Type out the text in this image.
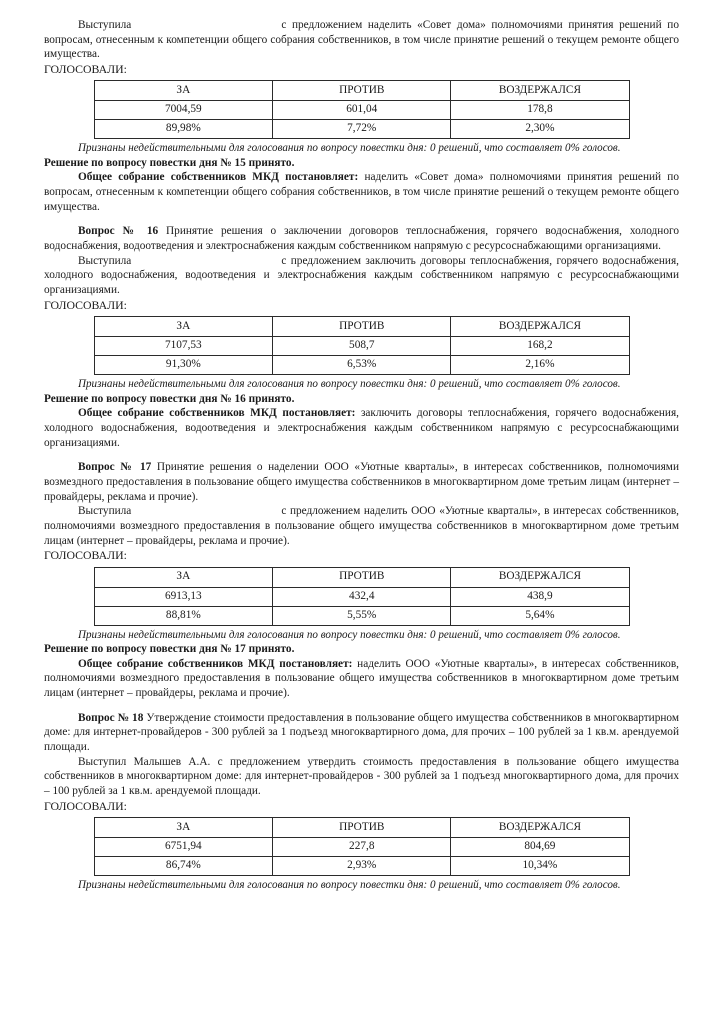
Выступила	с предложением наделить «Совет дома» полномочиями принятия решений по вопросам, отнесенным к компетенции общего собрания собственников, в том числе принятие решений о текущем ремонте общего имущества.

ГОЛОСОВАЛИ:

ЗА	ПРОТИВ	ВОЗДЕРЖАЛСЯ
7004,59	601,04	178,8
89,98%	7,72%	2,30%

Признаны недействительными для голосования по вопросу повестки дня: 0 решений, что составляет 0% голосов.

Решение по вопросу повестки дня № 15 принято.

Общее собрание собственников МКД постановляет: наделить «Совет дома» полномочиями принятия решений по вопросам, отнесенным к компетенции общего собрания собственников, в том числе принятие решений о текущем ремонте общего имущества.

Вопрос № 16 Принятие решения о заключении договоров теплоснабжения, горячего водоснабжения, холодного водоснабжения, водоотведения и электроснабжения каждым собственником напрямую с ресурсоснабжающими организациями.

Выступила	с предложением заключить договоры теплоснабжения, горячего водоснабжения, холодного водоснабжения, водоотведения и электроснабжения каждым собственником напрямую с ресурсоснабжающими организациями.

ГОЛОСОВАЛИ:

ЗА	ПРОТИВ	ВОЗДЕРЖАЛСЯ
7107,53	508,7	168,2
91,30%	6,53%	2,16%

Признаны недействительными для голосования по вопросу повестки дня: 0 решений, что составляет 0% голосов.

Решение по вопросу повестки дня № 16 принято.

Общее собрание собственников МКД постановляет: заключить договоры теплоснабжения, горячего водоснабжения, холодного водоснабжения, водоотведения и электроснабжения каждым собственником напрямую с ресурсоснабжающими организациями.

Вопрос № 17 Принятие решения о наделении ООО «Уютные кварталы», в интересах собственников, полномочиями возмездного предоставления в пользование общего имущества собственников в многоквартирном доме третьим лицам (интернет – провайдеры, реклама и прочие).

Выступила	с предложением наделить ООО «Уютные кварталы», в интересах собственников, полномочиями возмездного предоставления в пользование общего имущества собственников в многоквартирном доме третьим лицам (интернет – провайдеры, реклама и прочие).

ГОЛОСОВАЛИ:

ЗА	ПРОТИВ	ВОЗДЕРЖАЛСЯ
6913,13	432,4	438,9
88,81%	5,55%	5,64%

Признаны недействительными для голосования по вопросу повестки дня: 0 решений, что составляет 0% голосов.

Решение по вопросу повестки дня № 17 принято.

Общее собрание собственников МКД постановляет: наделить ООО «Уютные кварталы», в интересах собственников, полномочиями возмездного предоставления в пользование общего имущества собственников в многоквартирном доме третьим лицам (интернет – провайдеры, реклама и прочие).

Вопрос № 18 Утверждение стоимости предоставления в пользование общего имущества собственников в многоквартирном доме: для интернет-провайдеров - 300 рублей за 1 подъезд многоквартирного дома, для прочих – 100 рублей за 1 кв.м. арендуемой площади.

Выступил Малышев А.А. с предложением утвердить стоимость предоставления в пользование общего имущества собственников в многоквартирном доме: для интернет-провайдеров - 300 рублей за 1 подъезд многоквартирного дома, для прочих – 100 рублей за 1 кв.м. арендуемой площади.

ГОЛОСОВАЛИ:

ЗА	ПРОТИВ	ВОЗДЕРЖАЛСЯ
6751,94	227,8	804,69
86,74%	2,93%	10,34%

Признаны недействительными для голосования по вопросу повестки дня: 0 решений, что составляет 0% голосов.
